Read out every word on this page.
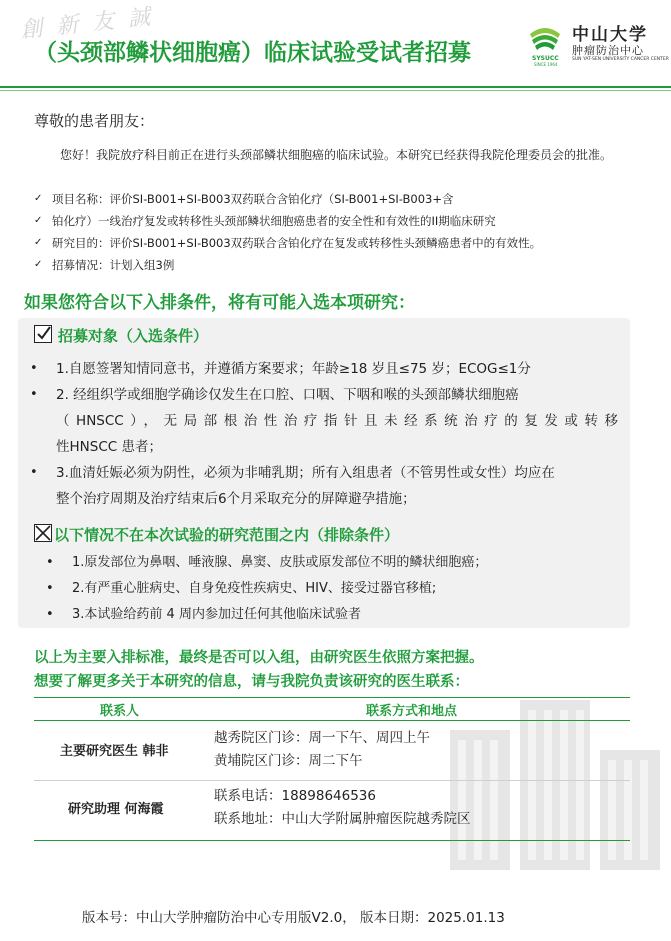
創新友誠
（头颈部鳞状细胞癌）临床试验受试者招募	SYSUCC
SINCE 1964
中山大学
肿瘤防治中心
SUN YAT-SEN UNIVERSITY CANCER CENTER
尊敬的患者朋友：
您好！我院放疗科目前正在进行头颈部鳞状细胞癌的临床试验。本研究已经获得我院伦理委员会的批准。
✓ 项目名称：评价SI-B001+SI-B003双药联合含铂化疗（SI-B001+SI-B003+含
✓ 铂化疗）一线治疗复发或转移性头颈部鳞状细胞癌患者的安全性和有效性的II期临床研究
✓ 研究目的：评价SI-B001+SI-B003双药联合含铂化疗在复发或转移性头颈鳞癌患者中的有效性。
✓ 招募情况：计划入组3例
如果您符合以下入排条件，将有可能入选本项研究：
招募对象（入选条件）
• 1.自愿签署知情同意书，并遵循方案要求；年龄≥18 岁且≤75 岁；ECOG≤1分
• 2. 经组织学或细胞学确诊仅发生在口腔、口咽、下咽和喉的头颈部鳞状细胞癌
（HNSCC），无局部根治性治疗指针且未经系统治疗的复发或转移
性HNSCC 患者；
• 3.血清妊娠必须为阴性，必须为非哺乳期；所有入组患者（不管男性或女性）均应在
整个治疗周期及治疗结束后6个月采取充分的屏障避孕措施；
以下情况不在本次试验的研究范围之内（排除条件）
• 1.原发部位为鼻咽、唾液腺、鼻窦、皮肤或原发部位不明的鳞状细胞癌；
• 2.有严重心脏病史、自身免疫性疾病史、HIV、接受过器官移植;
• 3.本试验给药前 4 周内参加过任何其他临床试验者
以上为主要入排标准，最终是否可以入组，由研究医生依照方案把握。
想要了解更多关于本研究的信息，请与我院负责该研究的医生联系：
联系人	联系方式和地点
主要研究医生 韩非
越秀院区门诊：周一下午、周四上午
黄埔院区门诊：周二下午
研究助理 何海霞
联系电话：18898646536
联系地址：中山大学附属肿瘤医院越秀院区
版本号：中山大学肿瘤防治中心专用版V2.0， 版本日期：2025.01.13
